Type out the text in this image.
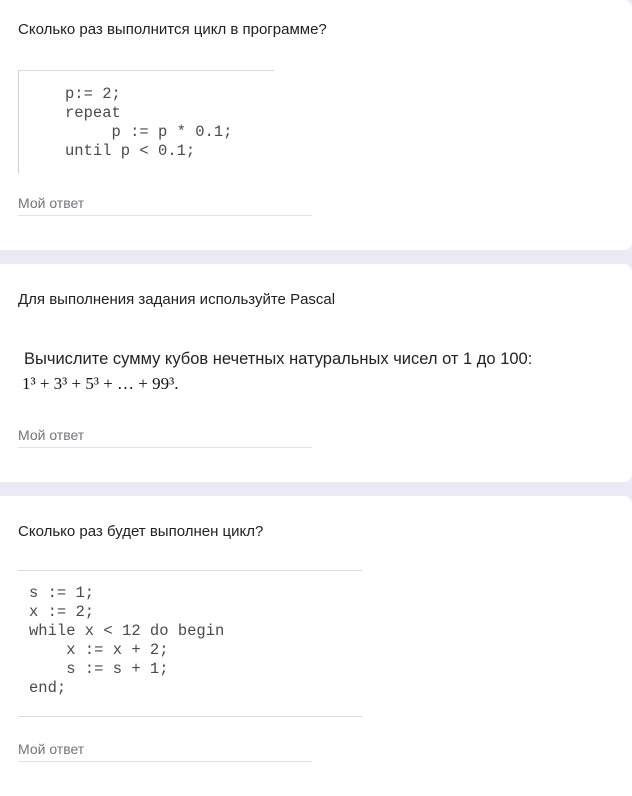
Сколько раз выполнится цикл в программе?
p:= 2;
repeat
p := p * 0.1;
until p < 0.1;
Мой ответ
Для выполнения задания используйте Pascal
Вычислите сумму кубов нечетных натуральных чисел от 1 до 100:
1³ + 3³ + 5³ + … + 99³.
Мой ответ
Сколько раз будет выполнен цикл?
s := 1;
x := 2;
while x < 12 do begin
x := x + 2;
s := s + 1;
end;
Мой ответ
